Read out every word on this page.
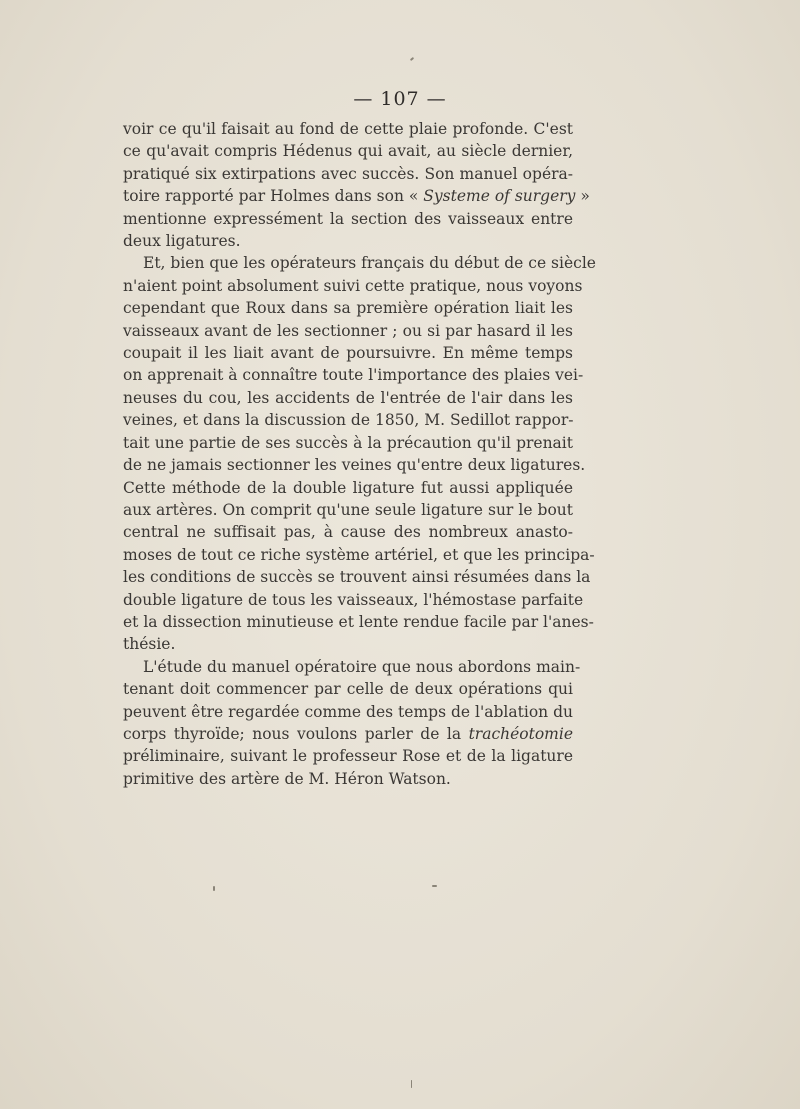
— 107 —

voir ce qu'il faisait au fond de cette plaie profonde. C'est
ce qu'avait compris Hédenus qui avait, au siècle dernier,
pratiqué six extirpations avec succès. Son manuel opéra-
toire rapporté par Holmes dans son « Systeme of surgery »
mentionne expressément la section des vaisseaux entre
deux ligatures.

Et, bien que les opérateurs français du début de ce siècle
n'aient point absolument suivi cette pratique, nous voyons
cependant que Roux dans sa première opération liait les
vaisseaux avant de les sectionner ; ou si par hasard il les
coupait il les liait avant de poursuivre. En même temps
on apprenait à connaître toute l'importance des plaies vei-
neuses du cou, les accidents de l'entrée de l'air dans les
veines, et dans la discussion de 1850, M. Sedillot rappor-
tait une partie de ses succès à la précaution qu'il prenait
de ne jamais sectionner les veines qu'entre deux ligatures.
Cette méthode de la double ligature fut aussi appliquée
aux artères. On comprit qu'une seule ligature sur le bout
central ne suffisait pas, à cause des nombreux anasto-
moses de tout ce riche système artériel, et que les principa-
les conditions de succès se trouvent ainsi résumées dans la
double ligature de tous les vaisseaux, l'hémostase parfaite
et la dissection minutieuse et lente rendue facile par l'anes-
thésie.

L'étude du manuel opératoire que nous abordons main-
tenant doit commencer par celle de deux opérations qui
peuvent être regardée comme des temps de l'ablation du
corps thyroïde; nous voulons parler de la trachéotomie
préliminaire, suivant le professeur Rose et de la ligature
primitive des artère de M. Héron Watson.
